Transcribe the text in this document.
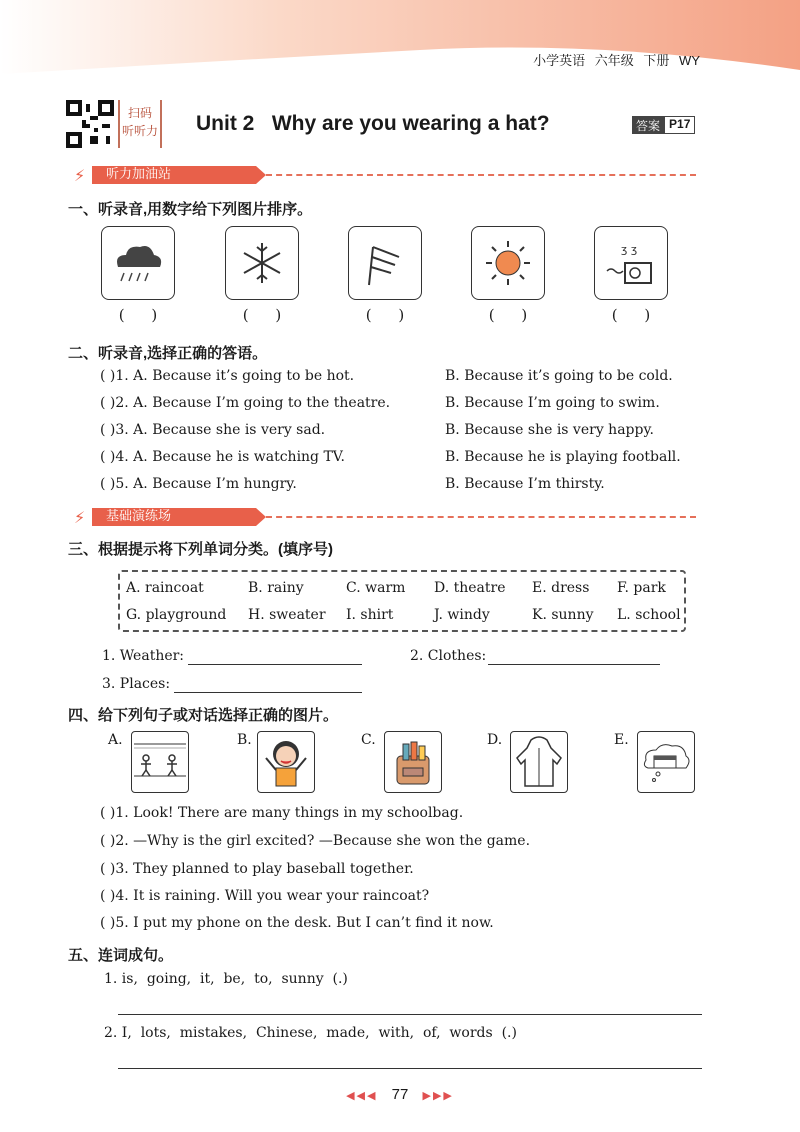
小学英语 六年级 下册 WY
扫码
听听力 Unit 2   Why are you wearing a hat?	答案 P17
⚡	听力加油站
一、听录音,用数字给下列图片排序。
ʒ ʒ
( )	( )	( )	( )	( )
二、听录音,选择正确的答语。
( )1. A. Because it’s going to be hot.	B. Because it’s going to be cold.
( )2. A. Because I’m going to the theatre.	B. Because I’m going to swim.
( )3. A. Because she is very sad.	B. Because she is very happy.
( )4. A. Because he is watching TV.	B. Because he is playing football.
( )5. A. Because I’m hungry.	B. Because I’m thirsty.
⚡	基础演练场
三、根据提示将下列单词分类。(填序号)
A. raincoat	B. rainy	C. warm D. theatre E. dress F. park
G. playground H. sweater I. shirt	J. windy	K. sunny L. school
1. Weather:	2. Clothes:
3. Places:
四、给下列句子或对话选择正确的图片。
A.	B.	C.	D.	E.
( )1. Look! There are many things in my schoolbag.
( )2. —Why is the girl excited? —Because she won the game.
( )3. They planned to play baseball together.
( )4. It is raining. Will you wear your raincoat?
( )5. I put my phone on the desk. But I can’t find it now.
五、连词成句。
1. is,  going,  it,  be,  to,  sunny  (.)
2. I,  lots,  mistakes,  Chinese,  made,  with,  of,  words  (.)
◀◀◀ 77 ▶▶▶
